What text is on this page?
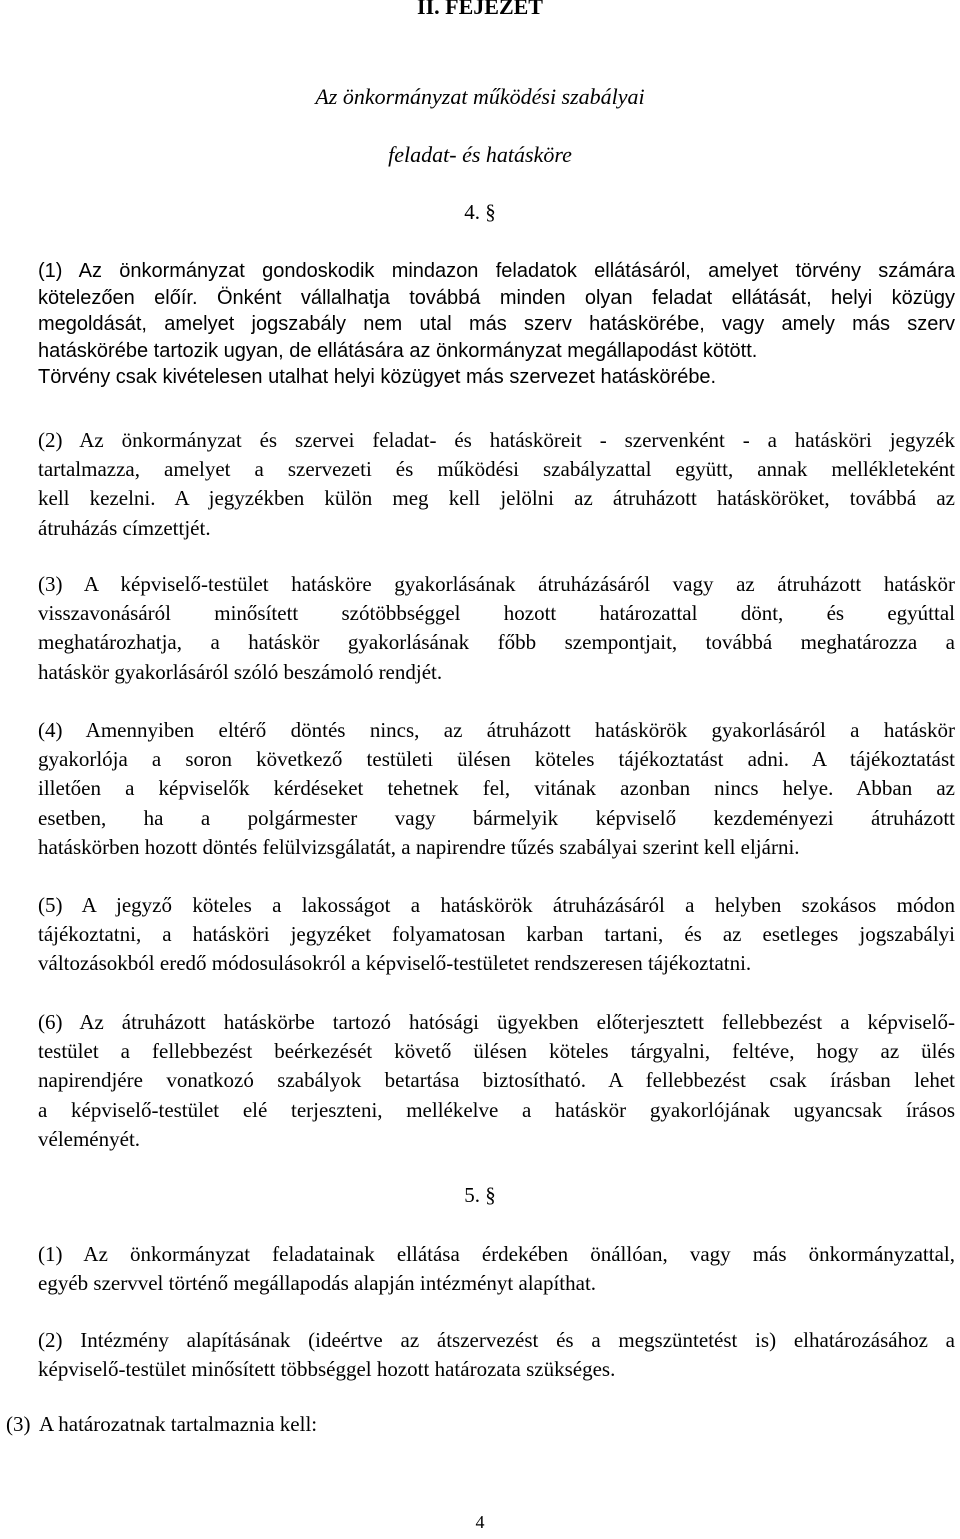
II. FEJEZET
Az önkormányzat működési szabályai
feladat- és hatásköre
4. §
(1) Az önkormányzat gondoskodik mindazon feladatok ellátásáról, amelyet törvény számára
kötelezően előír. Önként vállalhatja továbbá minden olyan feladat ellátását, helyi közügy
megoldását, amelyet jogszabály nem utal más szerv hatáskörébe, vagy amely más szerv
hatáskörébe tartozik ugyan, de ellátására az önkormányzat megállapodást kötött.
Törvény csak kivételesen utalhat helyi közügyet más szervezet hatáskörébe.
(2) Az önkormányzat és szervei feladat- és hatásköreit - szervenként - a hatásköri jegyzék
tartalmazza, amelyet a szervezeti és működési szabályzattal együtt, annak mellékleteként
kell kezelni. A jegyzékben külön meg kell jelölni az átruházott hatásköröket, továbbá az
átruházás címzettjét.
(3) A képviselő-testület hatásköre gyakorlásának átruházásáról vagy az átruházott hatáskör
visszavonásáról minősített szótöbbséggel hozott határozattal dönt, és egyúttal
meghatározhatja, a hatáskör gyakorlásának főbb szempontjait, továbbá meghatározza a
hatáskör gyakorlásáról szóló beszámoló rendjét.
(4) Amennyiben eltérő döntés nincs, az átruházott hatáskörök gyakorlásáról a hatáskör
gyakorlója a soron következő testületi ülésen köteles tájékoztatást adni. A tájékoztatást
illetően a képviselők kérdéseket tehetnek fel, vitának azonban nincs helye. Abban az
esetben, ha a polgármester vagy bármelyik képviselő kezdeményezi átruházott
hatáskörben hozott döntés felülvizsgálatát, a napirendre tűzés szabályai szerint kell eljárni.
(5) A jegyző köteles a lakosságot a hatáskörök átruházásáról a helyben szokásos módon
tájékoztatni, a hatásköri jegyzéket folyamatosan karban tartani, és az esetleges jogszabályi
változásokból eredő módosulásokról a képviselő-testületet rendszeresen tájékoztatni.
(6) Az átruházott hatáskörbe tartozó hatósági ügyekben előterjesztett fellebbezést a képviselő-
testület a fellebbezést beérkezését követő ülésen köteles tárgyalni, feltéve, hogy az ülés
napirendjére vonatkozó szabályok betartása biztosítható. A fellebbezést csak írásban lehet
a képviselő-testület elé terjeszteni, mellékelve a hatáskör gyakorlójának ugyancsak írásos
véleményét.
5. §
(1) Az önkormányzat feladatainak ellátása érdekében önállóan, vagy más önkormányzattal,
egyéb szervvel történő megállapodás alapján intézményt alapíthat.
(2) Intézmény alapításának (ideértve az átszervezést és a megszüntetést is) elhatározásához a
képviselő-testület minősített többséggel hozott határozata szükséges.
(3) A határozatnak tartalmaznia kell:
4
